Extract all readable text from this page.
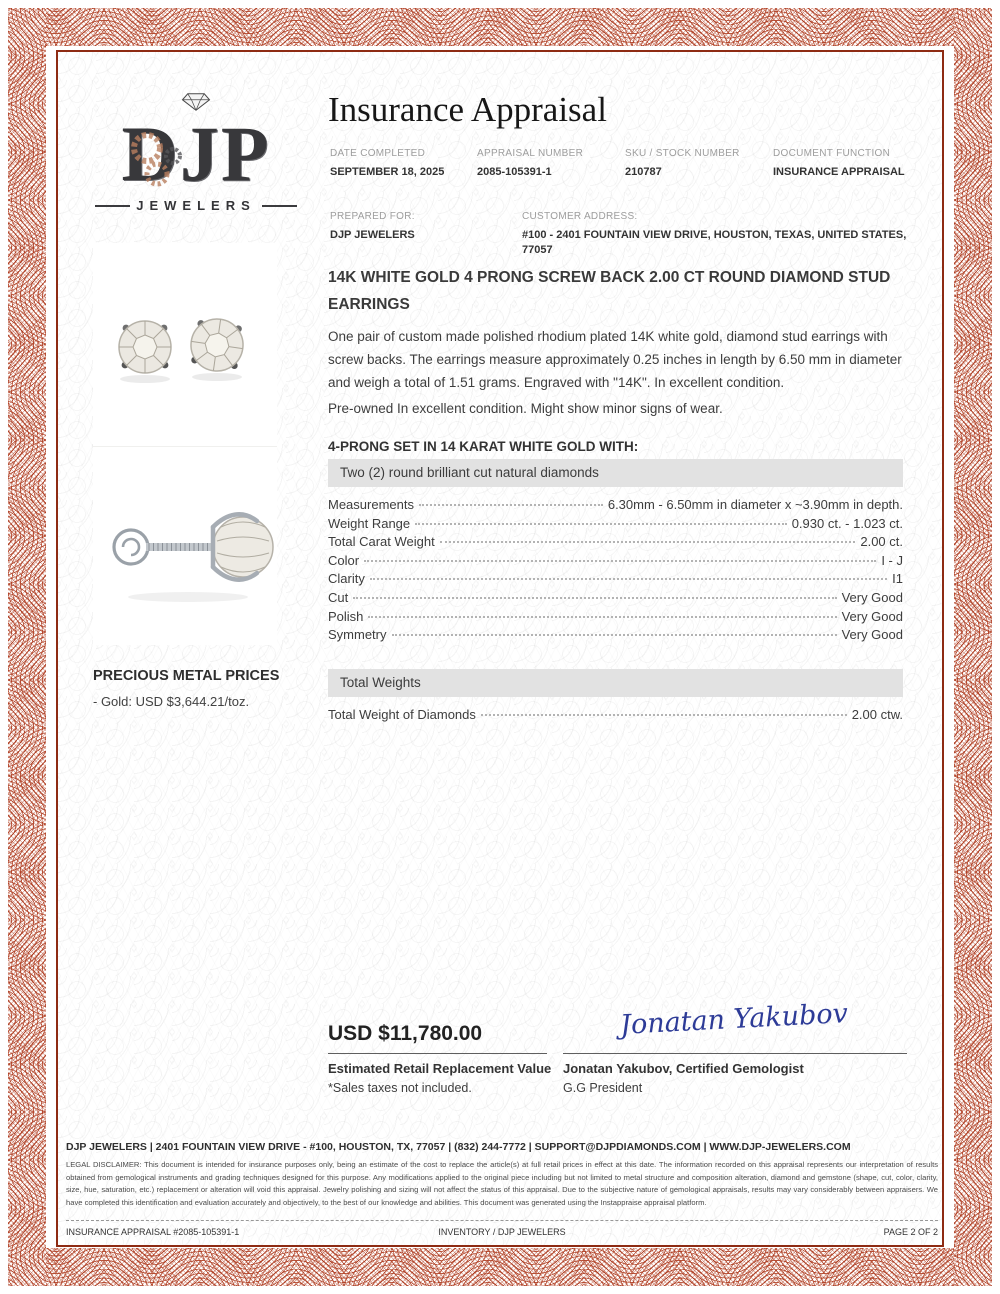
DJP
JEWELERS
Insurance Appraisal
DATE COMPLETED
SEPTEMBER 18, 2025
APPRAISAL NUMBER
2085-105391-1
SKU / STOCK NUMBER
210787
DOCUMENT FUNCTION
INSURANCE APPRAISAL
PREPARED FOR:
DJP JEWELERS
CUSTOMER ADDRESS:
#100 - 2401 FOUNTAIN VIEW DRIVE, HOUSTON, TEXAS, UNITED STATES, 77057
14K WHITE GOLD 4 PRONG SCREW BACK 2.00 CT ROUND DIAMOND STUD EARRINGS
One pair of custom made polished rhodium plated 14K white gold, diamond stud earrings with screw backs. The earrings measure approximately 0.25 inches in length by 6.50 mm in diameter and weigh a total of 1.51 grams. Engraved with "14K". In excellent condition.
Pre-owned In excellent condition. Might show minor signs of wear.
4-PRONG SET IN 14 KARAT WHITE GOLD WITH:
Two (2) round brilliant cut natural diamonds
Measurements	6.30mm - 6.50mm in diameter x ~3.90mm in depth.
Weight Range	0.930 ct. - 1.023 ct.
Total Carat Weight	2.00 ct.
Color	I - J
Clarity	I1
Cut	Very Good
Polish	Very Good
Symmetry	Very Good
PRECIOUS METAL PRICES
- Gold: USD $3,644.21/toz.
Total Weights
Total Weight of Diamonds	2.00 ctw.
USD $11,780.00
Estimated Retail Replacement Value
*Sales taxes not included.
Jonatan Yakubov
Jonatan Yakubov, Certified Gemologist
G.G President
DJP JEWELERS | 2401 FOUNTAIN VIEW DRIVE - #100, HOUSTON, TX, 77057 | (832) 244-7772 | SUPPORT@DJPDIAMONDS.COM | WWW.DJP-JEWELERS.COM
LEGAL DISCLAIMER: This document is intended for insurance purposes only, being an estimate of the cost to replace the article(s) at full retail prices in effect at this date. The information recorded on this appraisal represents our interpretation of results obtained from gemological instruments and grading techniques designed for this purpose. Any modifications applied to the original piece including but not limited to metal structure and composition alteration, diamond and gemstone (shape, cut, color, clarity, size, hue, saturation, etc.) replacement or alteration will void this appraisal. Jewelry polishing and sizing will not affect the status of this appraisal. Due to the subjective nature of gemological appraisals, results may vary considerably between appraisers. We have completed this identification and evaluation accurately and objectively, to the best of our knowledge and abilities. This document was generated using the Instappraise appraisal platform.
INSURANCE APPRAISAL #2085-105391-1	INVENTORY / DJP JEWELERS	PAGE 2 OF 2
